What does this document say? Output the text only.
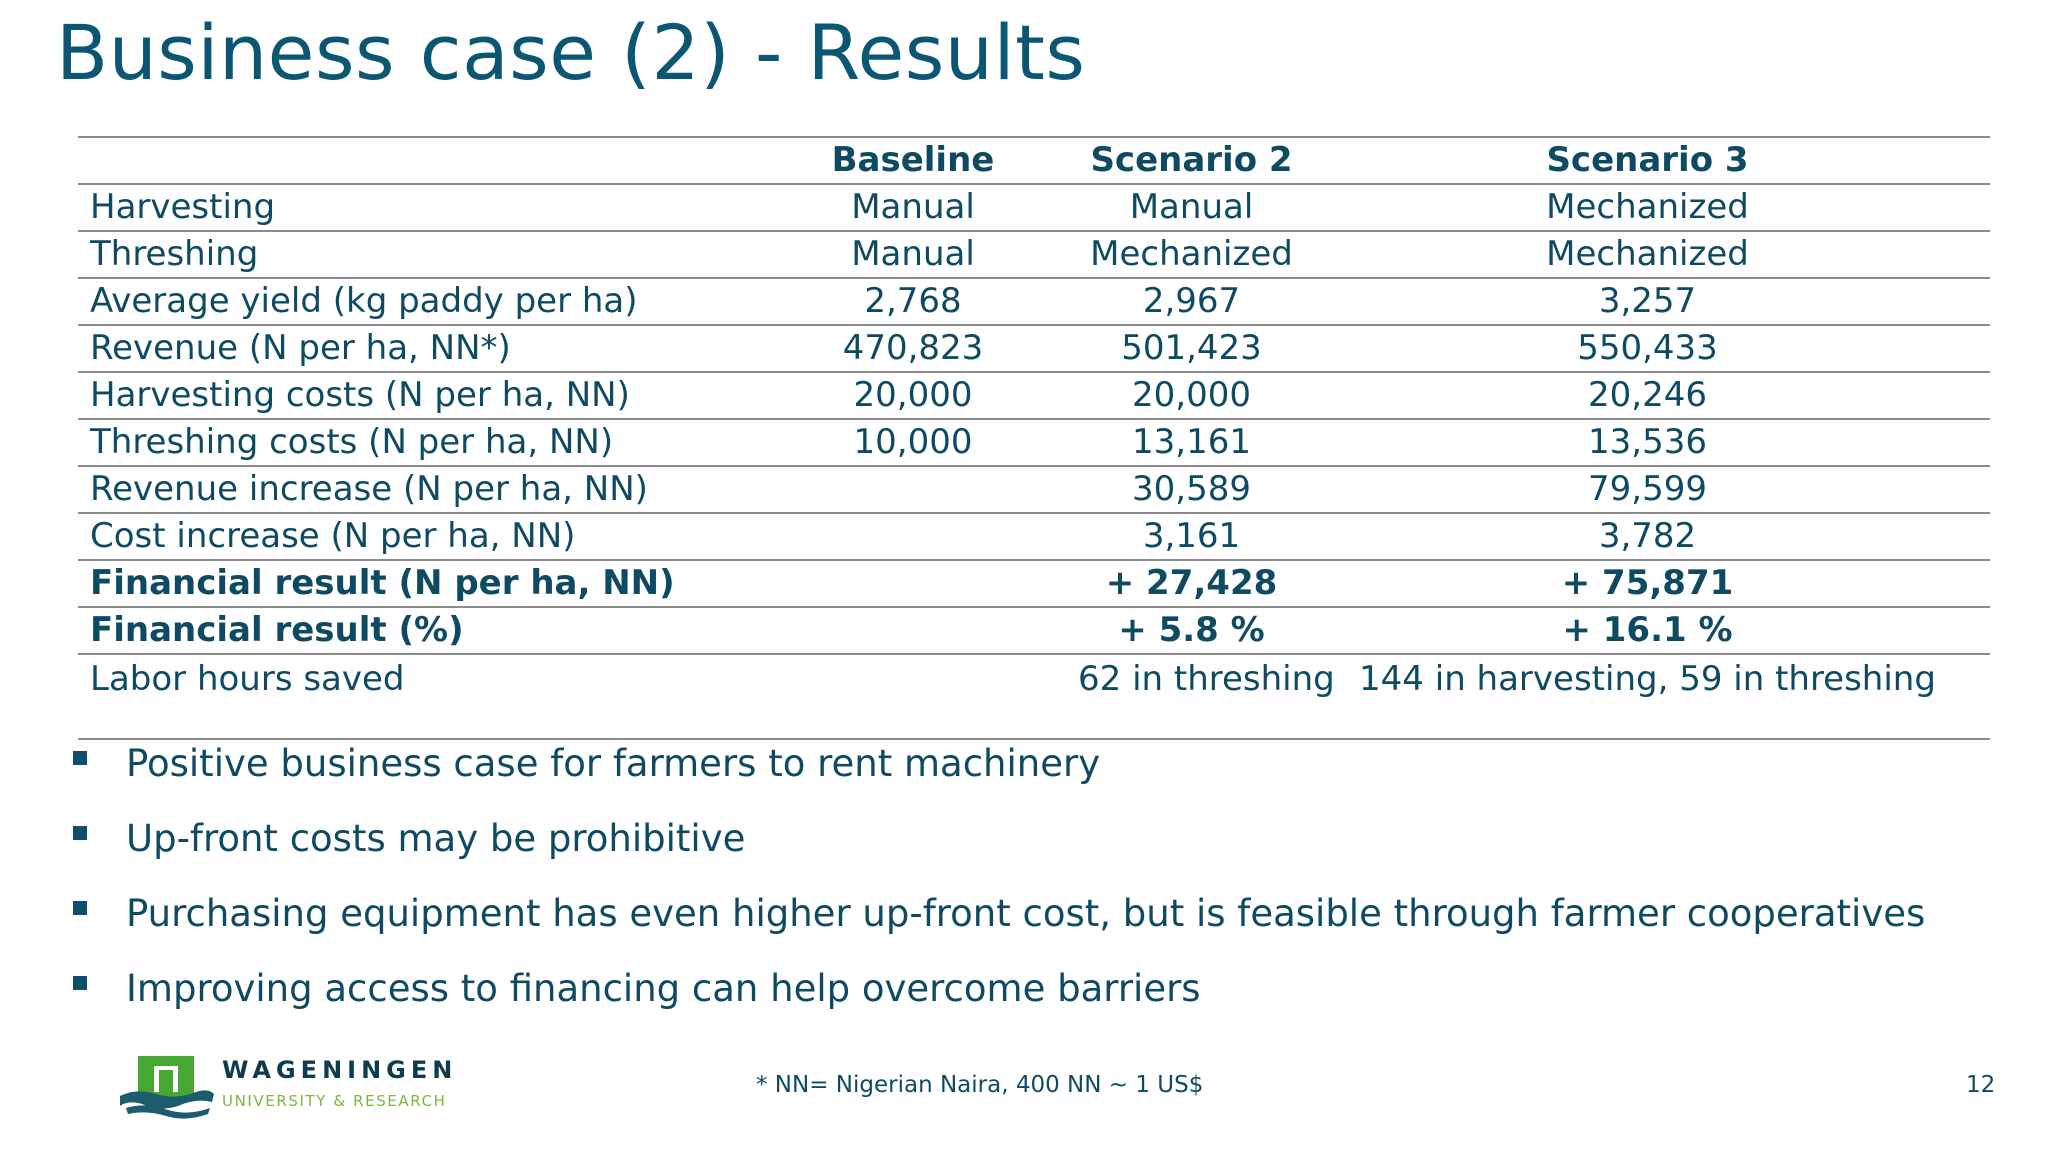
Business case (2) - Results
	Baseline	Scenario 2	Scenario 3
Harvesting	Manual	Manual	Mechanized
Threshing	Manual	Mechanized	Mechanized
Average yield (kg paddy per ha)	2,768	2,967	3,257
Revenue (N per ha, NN*)	470,823	501,423	550,433
Harvesting costs (N per ha, NN)	20,000	20,000	20,246
Threshing costs (N per ha, NN)	10,000	13,161	13,536
Revenue increase (N per ha, NN)		30,589	79,599
Cost increase (N per ha, NN)		3,161	3,782
Financial result (N per ha, NN)		+ 27,428	+ 75,871
Financial result (%)		+ 5.8 %	+ 16.1 %
Labor hours saved		62 in threshing	144 in harvesting, 59 in threshing
Positive business case for farmers to rent machinery
Up-front costs may be prohibitive
Purchasing equipment has even higher up-front cost, but is feasible through farmer cooperatives
Improving access to financing can help overcome barriers
WAGENINGEN
UNIVERSITY & RESEARCH
* NN= Nigerian Naira, 400 NN ~ 1 US$	12
